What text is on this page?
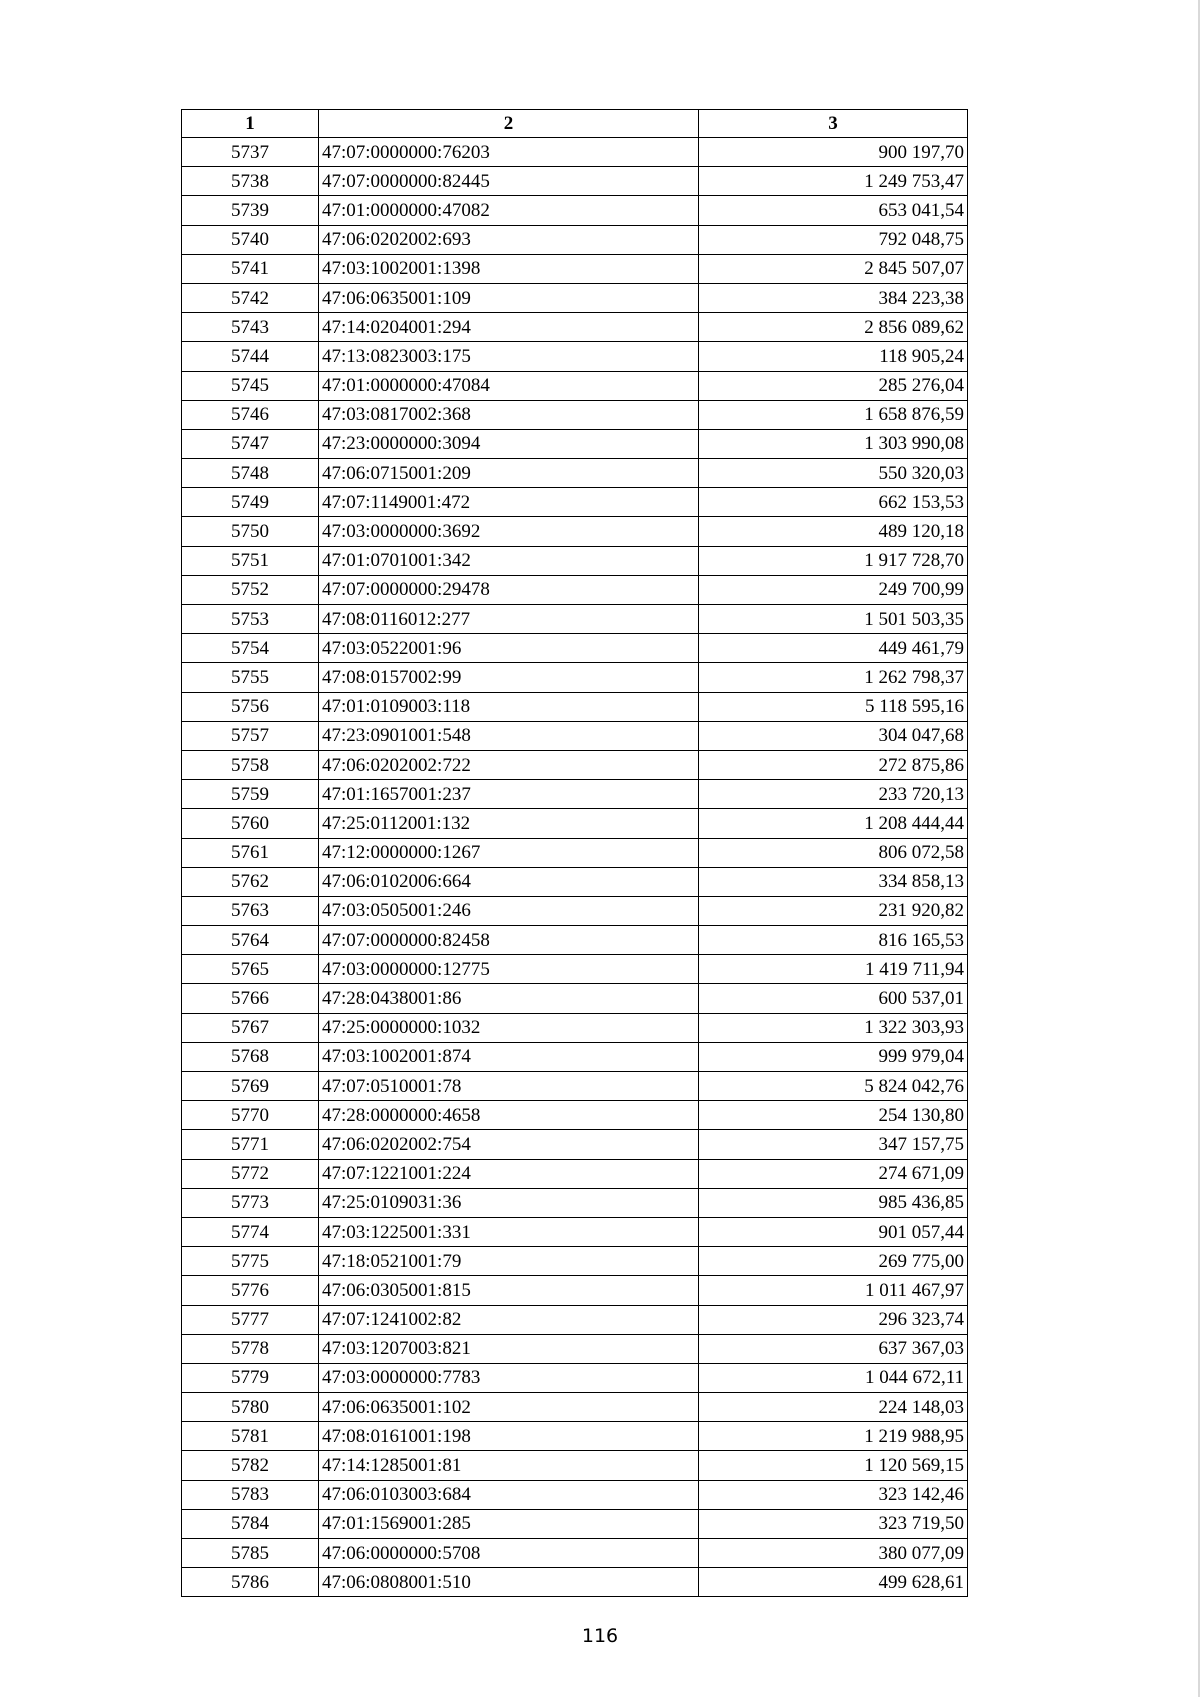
1	2	3
5737	47:07:0000000:76203	900 197,70
5738	47:07:0000000:82445	1 249 753,47
5739	47:01:0000000:47082	653 041,54
5740	47:06:0202002:693	792 048,75
5741	47:03:1002001:1398	2 845 507,07
5742	47:06:0635001:109	384 223,38
5743	47:14:0204001:294	2 856 089,62
5744	47:13:0823003:175	118 905,24
5745	47:01:0000000:47084	285 276,04
5746	47:03:0817002:368	1 658 876,59
5747	47:23:0000000:3094	1 303 990,08
5748	47:06:0715001:209	550 320,03
5749	47:07:1149001:472	662 153,53
5750	47:03:0000000:3692	489 120,18
5751	47:01:0701001:342	1 917 728,70
5752	47:07:0000000:29478	249 700,99
5753	47:08:0116012:277	1 501 503,35
5754	47:03:0522001:96	449 461,79
5755	47:08:0157002:99	1 262 798,37
5756	47:01:0109003:118	5 118 595,16
5757	47:23:0901001:548	304 047,68
5758	47:06:0202002:722	272 875,86
5759	47:01:1657001:237	233 720,13
5760	47:25:0112001:132	1 208 444,44
5761	47:12:0000000:1267	806 072,58
5762	47:06:0102006:664	334 858,13
5763	47:03:0505001:246	231 920,82
5764	47:07:0000000:82458	816 165,53
5765	47:03:0000000:12775	1 419 711,94
5766	47:28:0438001:86	600 537,01
5767	47:25:0000000:1032	1 322 303,93
5768	47:03:1002001:874	999 979,04
5769	47:07:0510001:78	5 824 042,76
5770	47:28:0000000:4658	254 130,80
5771	47:06:0202002:754	347 157,75
5772	47:07:1221001:224	274 671,09
5773	47:25:0109031:36	985 436,85
5774	47:03:1225001:331	901 057,44
5775	47:18:0521001:79	269 775,00
5776	47:06:0305001:815	1 011 467,97
5777	47:07:1241002:82	296 323,74
5778	47:03:1207003:821	637 367,03
5779	47:03:0000000:7783	1 044 672,11
5780	47:06:0635001:102	224 148,03
5781	47:08:0161001:198	1 219 988,95
5782	47:14:1285001:81	1 120 569,15
5783	47:06:0103003:684	323 142,46
5784	47:01:1569001:285	323 719,50
5785	47:06:0000000:5708	380 077,09
5786	47:06:0808001:510	499 628,61
116
